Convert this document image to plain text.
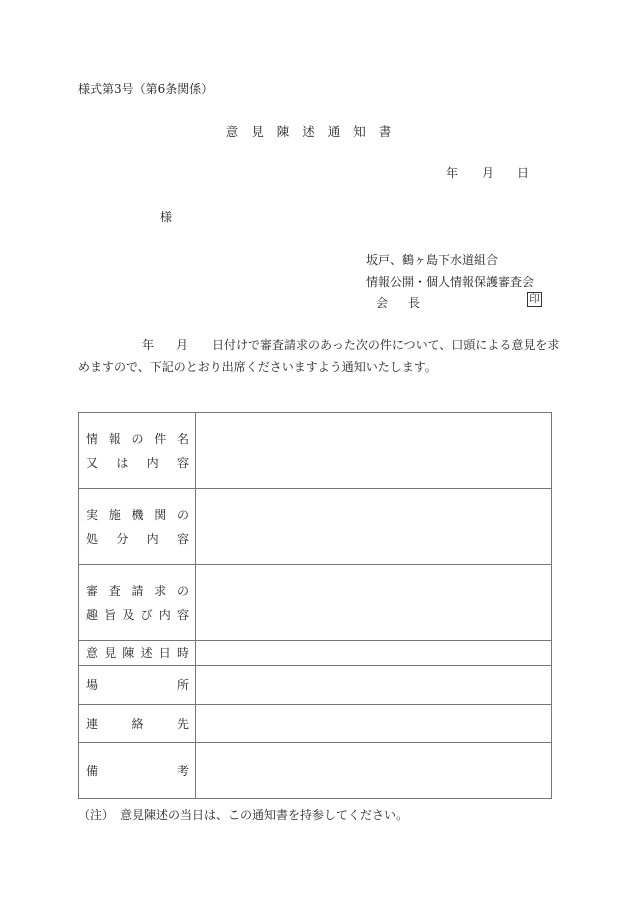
様式第3号（第6条関係）
意見陳述通知書
年 月 日
様
坂戸、鶴ヶ島下水道組合
情報公開・個人情報保護審査会
会　長	印
年 月 日付けで審査請求のあった次の件について、口頭による意見を求
めますので、下記のとおり出席くださいますよう通知いたします。
情 報 の 件 名
又 は 内 容

実 施 機 関 の
処 分 内 容

審 査 請 求 の
趣 旨 及 び 内 容

意 見 陳 述 日 時

場 所	

連 絡 先	

備 考	

（注）　意見陳述の当日は、この通知書を持参してください。
